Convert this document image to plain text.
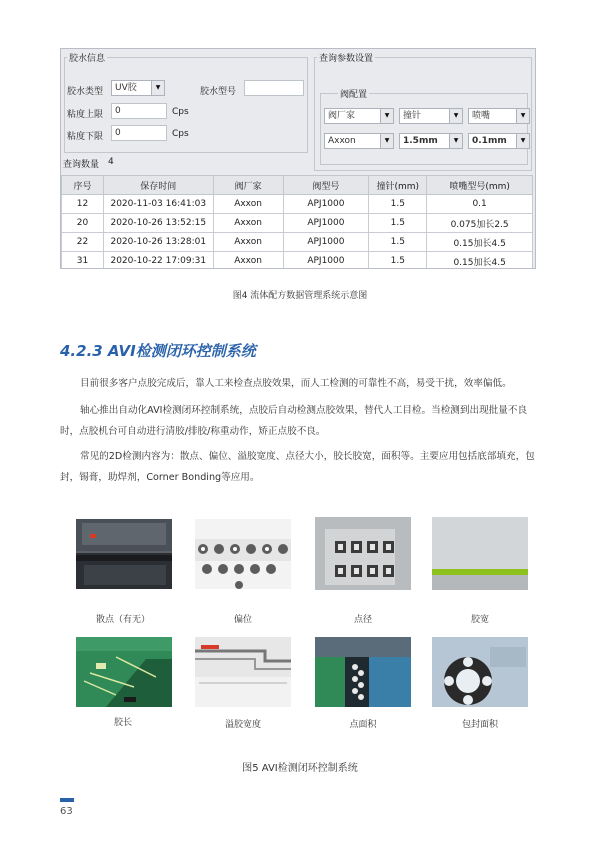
胶水信息
胶水类型	UV胶	▼	胶水型号
粘度上限	0	Cps
粘度下限	0	Cps
查询参数设置
阀配置
阀厂家	▼	撞针	▼	喷嘴	▼
Axxon	▼	1.5mm	▼	0.1mm	▼
查询数量 4
序号	保存时间	阀厂家	阀型号	撞针(mm)	喷嘴型号(mm)
12	2020-11-03 16:41:03	Axxon	APJ1000	1.5	0.1
20	2020-10-26 13:52:15	Axxon	APJ1000	1.5	0.075加长2.5
22	2020-10-26 13:28:01	Axxon	APJ1000	1.5	0.15加长4.5
31	2020-10-22 17:09:31	Axxon	APJ1000	1.5	0.15加长4.5
图4 流体配方数据管理系统示意图
4.2.3 AVI检测闭环控制系统

目前很多客户点胶完成后，靠人工来检查点胶效果，而人工检测的可靠性不高，易受干扰，效率偏低。

轴心推出自动化AVI检测闭环控制系统，点胶后自动检测点胶效果，替代人工目检。当检测到出现批量不良时，点胶机台可自动进行清胶/排胶/称重动作，矫正点胶不良。

常见的2D检测内容为：散点、偏位、溢胶宽度、点径大小，胶长胶宽，面积等。主要应用包括底部填充，包封，锡膏，助焊剂，Corner Bonding等应用。

散点（有无）	偏位	点径	胶宽
胶长	溢胶宽度	点面积	包封面积
图5 AVI检测闭环控制系统
63
